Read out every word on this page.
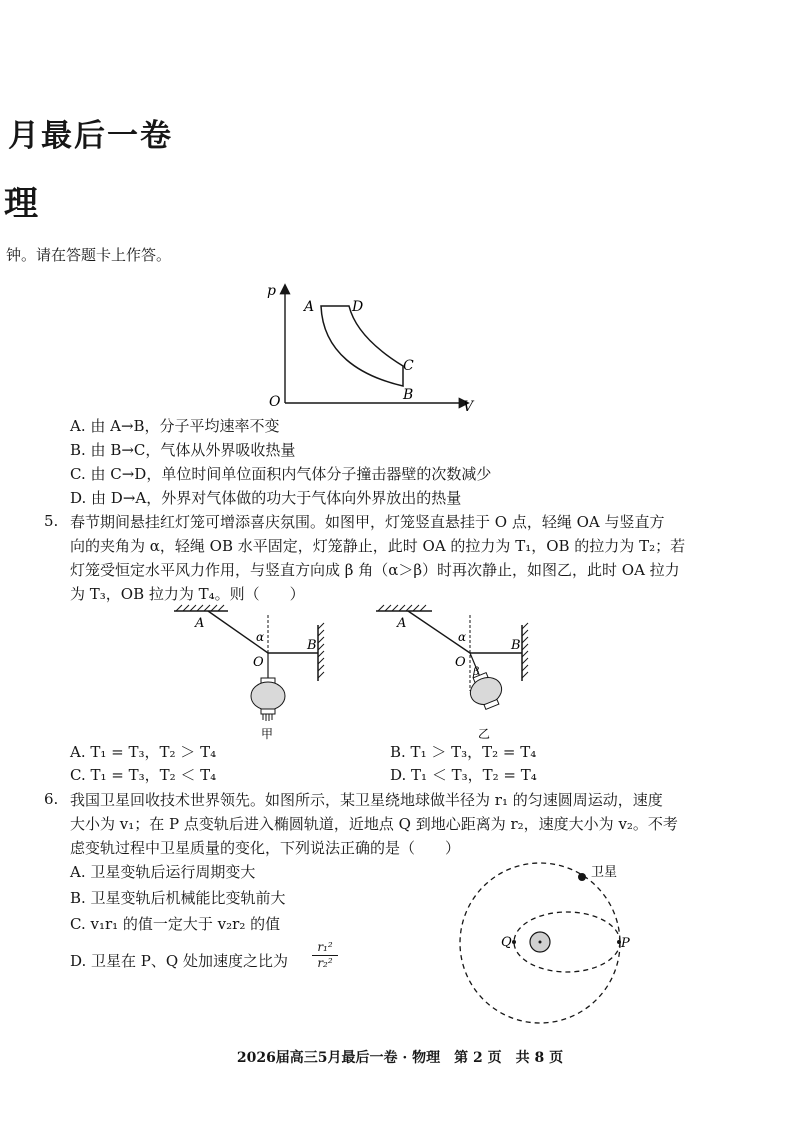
月最后一卷
理
钟。请在答题卡上作答。
p
V
O
A	D
C
B
A. 由 A→B，分子平均速率不变
B. 由 B→C，气体从外界吸收热量
C. 由 C→D，单位时间单位面积内气体分子撞击器壁的次数减少
D. 由 D→A，外界对气体做的功大于气体向外界放出的热量
5. 春节期间悬挂红灯笼可增添喜庆氛围。如图甲，灯笼竖直悬挂于 O 点，轻绳 OA 与竖直方
向的夹角为 α，轻绳 OB 水平固定，灯笼静止，此时 OA 的拉力为 T₁，OB 的拉力为 T₂；若
灯笼受恒定水平风力作用，与竖直方向成 β 角（α＞β）时再次静止，如图乙，此时 OA 拉力
为 T₃，OB 拉力为 T₄。则（　　）
A
O
B
α
甲
A
O
B
α
β
乙
A. T₁ = T₃，T₂ ＞ T₄	B. T₁ ＞ T₃，T₂ = T₄
C. T₁ = T₃，T₂ ＜ T₄	D. T₁ ＜ T₃，T₂ = T₄
6. 我国卫星回收技术世界领先。如图所示，某卫星绕地球做半径为 r₁ 的匀速圆周运动，速度
大小为 v₁；在 P 点变轨后进入椭圆轨道，近地点 Q 到地心距离为 r₂，速度大小为 v₂。不考
虑变轨过程中卫星质量的变化，下列说法正确的是（　　）
A. 卫星变轨后运行周期变大
B. 卫星变轨后机械能比变轨前大
C. v₁r₁ 的值一定大于 v₂r₂ 的值
D. 卫星在 P、Q 处加速度之比为 $\frac{\text{r₁²}}{\text{r₂²}}$
卫星
Q	P
2026届高三5月最后一卷 · 物理　第 2 页　共 8 页
